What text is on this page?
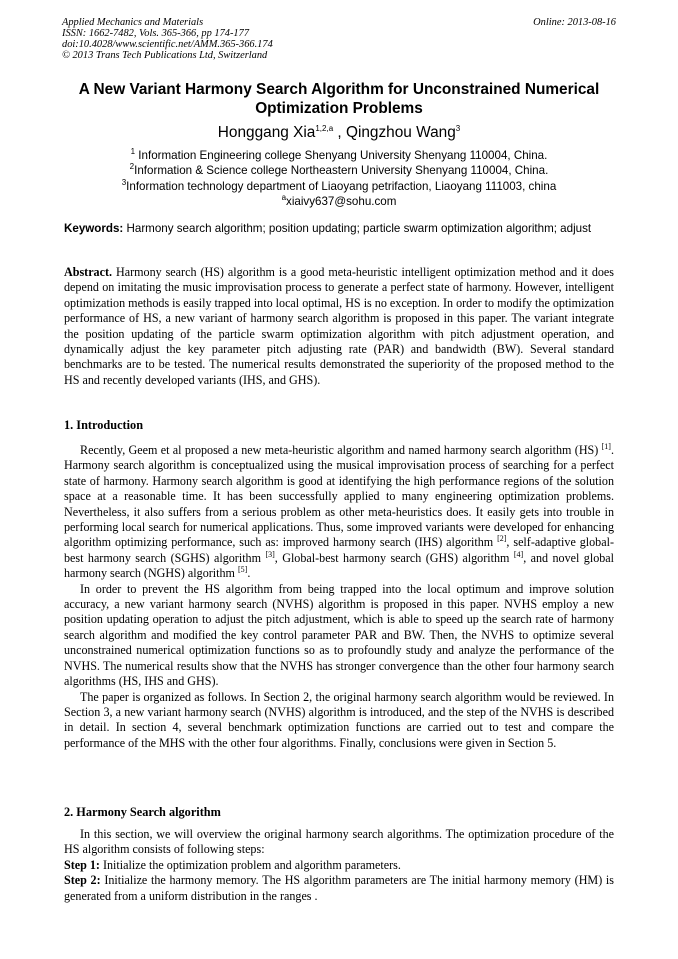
Applied Mechanics and Materials
ISSN: 1662-7482, Vols. 365-366, pp 174-177
doi:10.4028/www.scientific.net/AMM.365-366.174
© 2013 Trans Tech Publications Ltd, Switzerland
Online: 2013-08-16
A New Variant Harmony Search Algorithm for Unconstrained Numerical Optimization Problems
Honggang Xia$^{1,2,a}$ , Qingzhou Wang$^3$
$^1$ Information Engineering college Shenyang University Shenyang 110004, China.
$^2$Information & Science college Northeastern University Shenyang 110004, China.
$^3$Information technology department of Liaoyang petrifaction, Liaoyang 111003, china
$^a$xiaivy637@sohu.com
Keywords: Harmony search algorithm; position updating; particle swarm optimization algorithm; adjust

Abstract. Harmony search (HS) algorithm is a good meta-heuristic intelligent optimization method and it does depend on imitating the music improvisation process to generate a perfect state of harmony. However, intelligent optimization methods is easily trapped into local optimal, HS is no exception. In order to modify the optimization performance of HS, a new variant of harmony search algorithm is proposed in this paper. The variant integrate the position updating of the particle swarm optimization algorithm with pitch adjustment operation, and dynamically adjust the key parameter pitch adjusting rate (PAR) and bandwidth (BW). Several standard benchmarks are to be tested. The numerical results demonstrated the superiority of the proposed method to the HS and recently developed variants (IHS, and GHS).

1. Introduction

Recently, Geem et al proposed a new meta-heuristic algorithm and named harmony search algorithm (HS) [1]. Harmony search algorithm is conceptualized using the musical improvisation process of searching for a perfect state of harmony. Harmony search algorithm is good at identifying the high performance regions of the solution space at a reasonable time. It has been successfully applied to many engineering optimization problems. Nevertheless, it also suffers from a serious problem as other meta-heuristics does. It easily gets into trouble in performing local search for numerical applications. Thus, some improved variants were developed for enhancing algorithm optimizing performance, such as: improved harmony search (IHS) algorithm [2], self-adaptive global-best harmony search (SGHS) algorithm [3], Global-best harmony search (GHS) algorithm [4], and novel global harmony search (NGHS) algorithm [5].

In order to prevent the HS algorithm from being trapped into the local optimum and improve solution accuracy, a new variant harmony search (NVHS) algorithm is proposed in this paper. NVHS employ a new position updating operation to adjust the pitch adjustment, which is able to speed up the search rate of harmony search algorithm and modified the key control parameter PAR and BW. Then, the NVHS to optimize several unconstrained numerical optimization functions so as to profoundly study and analyze the performance of the NVHS. The numerical results show that the NVHS has stronger convergence than the other four harmony search algorithms (HS, IHS and GHS).

The paper is organized as follows. In Section 2, the original harmony search algorithm would be reviewed. In Section 3, a new variant harmony search (NVHS) algorithm is introduced, and the step of the NVHS is described in detail. In section 4, several benchmark optimization functions are carried out to test and compare the performance of the MHS with the other four algorithms. Finally, conclusions were given in Section 5.

2. Harmony Search algorithm

In this section, we will overview the original harmony search algorithms. The optimization procedure of the HS algorithm consists of following steps:

Step 1: Initialize the optimization problem and algorithm parameters.

Step 2: Initialize the harmony memory. The HS algorithm parameters are The initial harmony memory (HM) is generated from a uniform distribution in the ranges .
